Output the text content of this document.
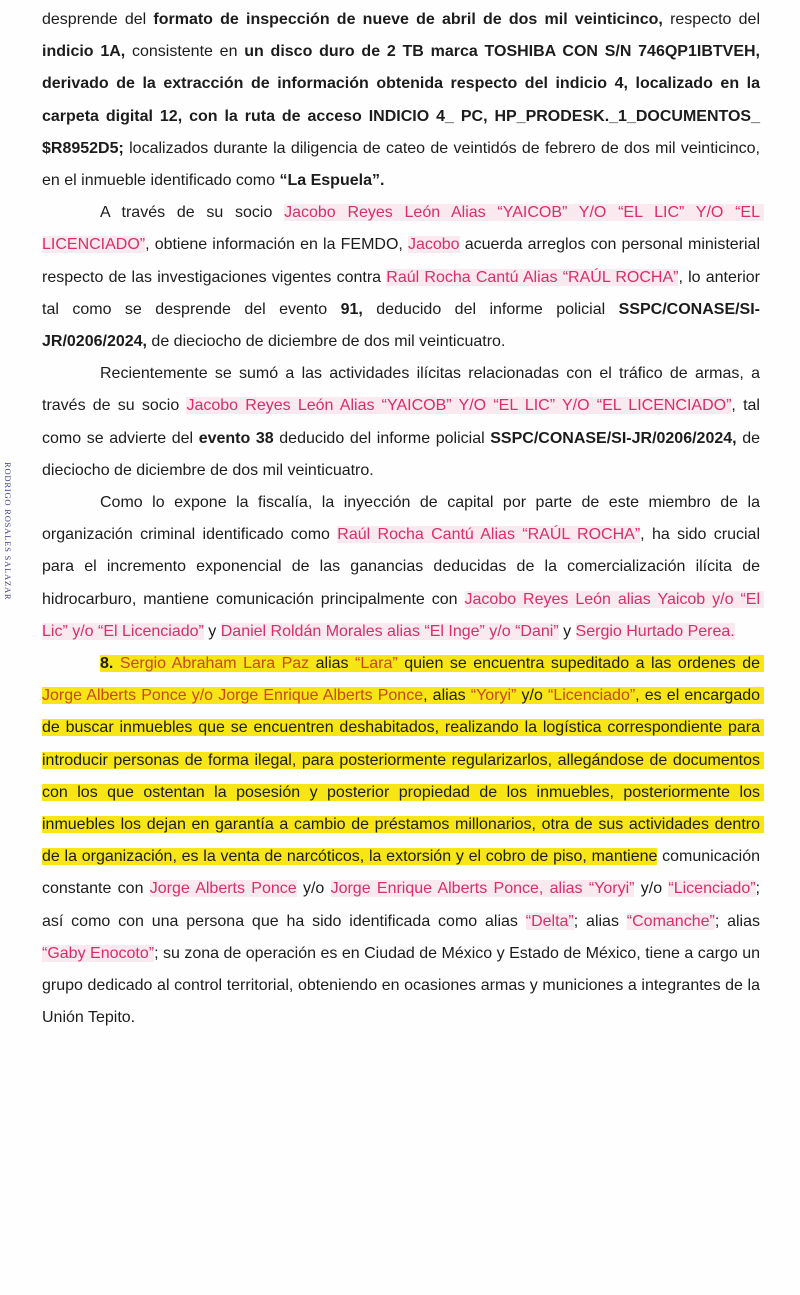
RODRIGO ROSALES SALAZAR

desprende del formato de inspección de nueve de abril de dos mil veinticinco, respecto del indicio 1A, consistente en un disco duro de 2 TB marca TOSHIBA CON S/N 746QP1IBTVEH, derivado de la extracción de información obtenida respecto del indicio 4, localizado en la carpeta digital 12, con la ruta de acceso INDICIO 4_ PC, HP_PRODESK._1_DOCUMENTOS_ $R8952D5; localizados durante la diligencia de cateo de veintidós de febrero de dos mil veinticinco, en el inmueble identificado como “La Espuela”.

A través de su socio Jacobo Reyes León Alias “YAICOB” Y/O “EL LIC” Y/O “EL LICENCIADO”, obtiene información en la FEMDO, Jacobo acuerda arreglos con personal ministerial respecto de las investigaciones vigentes contra Raúl Rocha Cantú Alias “RAÚL ROCHA”, lo anterior tal como se desprende del evento 91, deducido del informe policial SSPC/CONASE/SI-JR/0206/2024, de dieciocho de diciembre de dos mil veinticuatro.

Recientemente se sumó a las actividades ilícitas relacionadas con el tráfico de armas, a través de su socio Jacobo Reyes León Alias “YAICOB” Y/O “EL LIC” Y/O “EL LICENCIADO”, tal como se advierte del evento 38 deducido del informe policial SSPC/CONASE/SI-JR/0206/2024, de dieciocho de diciembre de dos mil veinticuatro.

Como lo expone la fiscalía, la inyección de capital por parte de este miembro de la organización criminal identificado como Raúl Rocha Cantú Alias “RAÚL ROCHA”, ha sido crucial para el incremento exponencial de las ganancias deducidas de la comercialización ilícita de hidrocarburo, mantiene comunicación principalmente con Jacobo Reyes León alias Yaicob y/o “El Lic” y/o “El Licenciado” y Daniel Roldán Morales alias “El Inge” y/o “Dani” y Sergio Hurtado Perea.

8. Sergio Abraham Lara Paz alias “Lara” quien se encuentra supeditado a las ordenes de Jorge Alberts Ponce y/o Jorge Enrique Alberts Ponce, alias “Yoryi” y/o “Licenciado”, es el encargado de buscar inmuebles que se encuentren deshabitados, realizando la logística correspondiente para introducir personas de forma ilegal, para posteriormente regularizarlos, allegándose de documentos con los que ostentan la posesión y posterior propiedad de los inmuebles, posteriormente los inmuebles los dejan en garantía a cambio de préstamos millonarios, otra de sus actividades dentro de la organización, es la venta de narcóticos, la extorsión y el cobro de piso, mantiene comunicación constante con Jorge Alberts Ponce y/o Jorge Enrique Alberts Ponce, alias “Yoryi” y/o “Licenciado”; así como con una persona que ha sido identificada como alias “Delta”; alias “Comanche”; alias “Gaby Enocoto”; su zona de operación es en Ciudad de México y Estado de México, tiene a cargo un grupo dedicado al control territorial, obteniendo en ocasiones armas y municiones a integrantes de la Unión Tepito.
